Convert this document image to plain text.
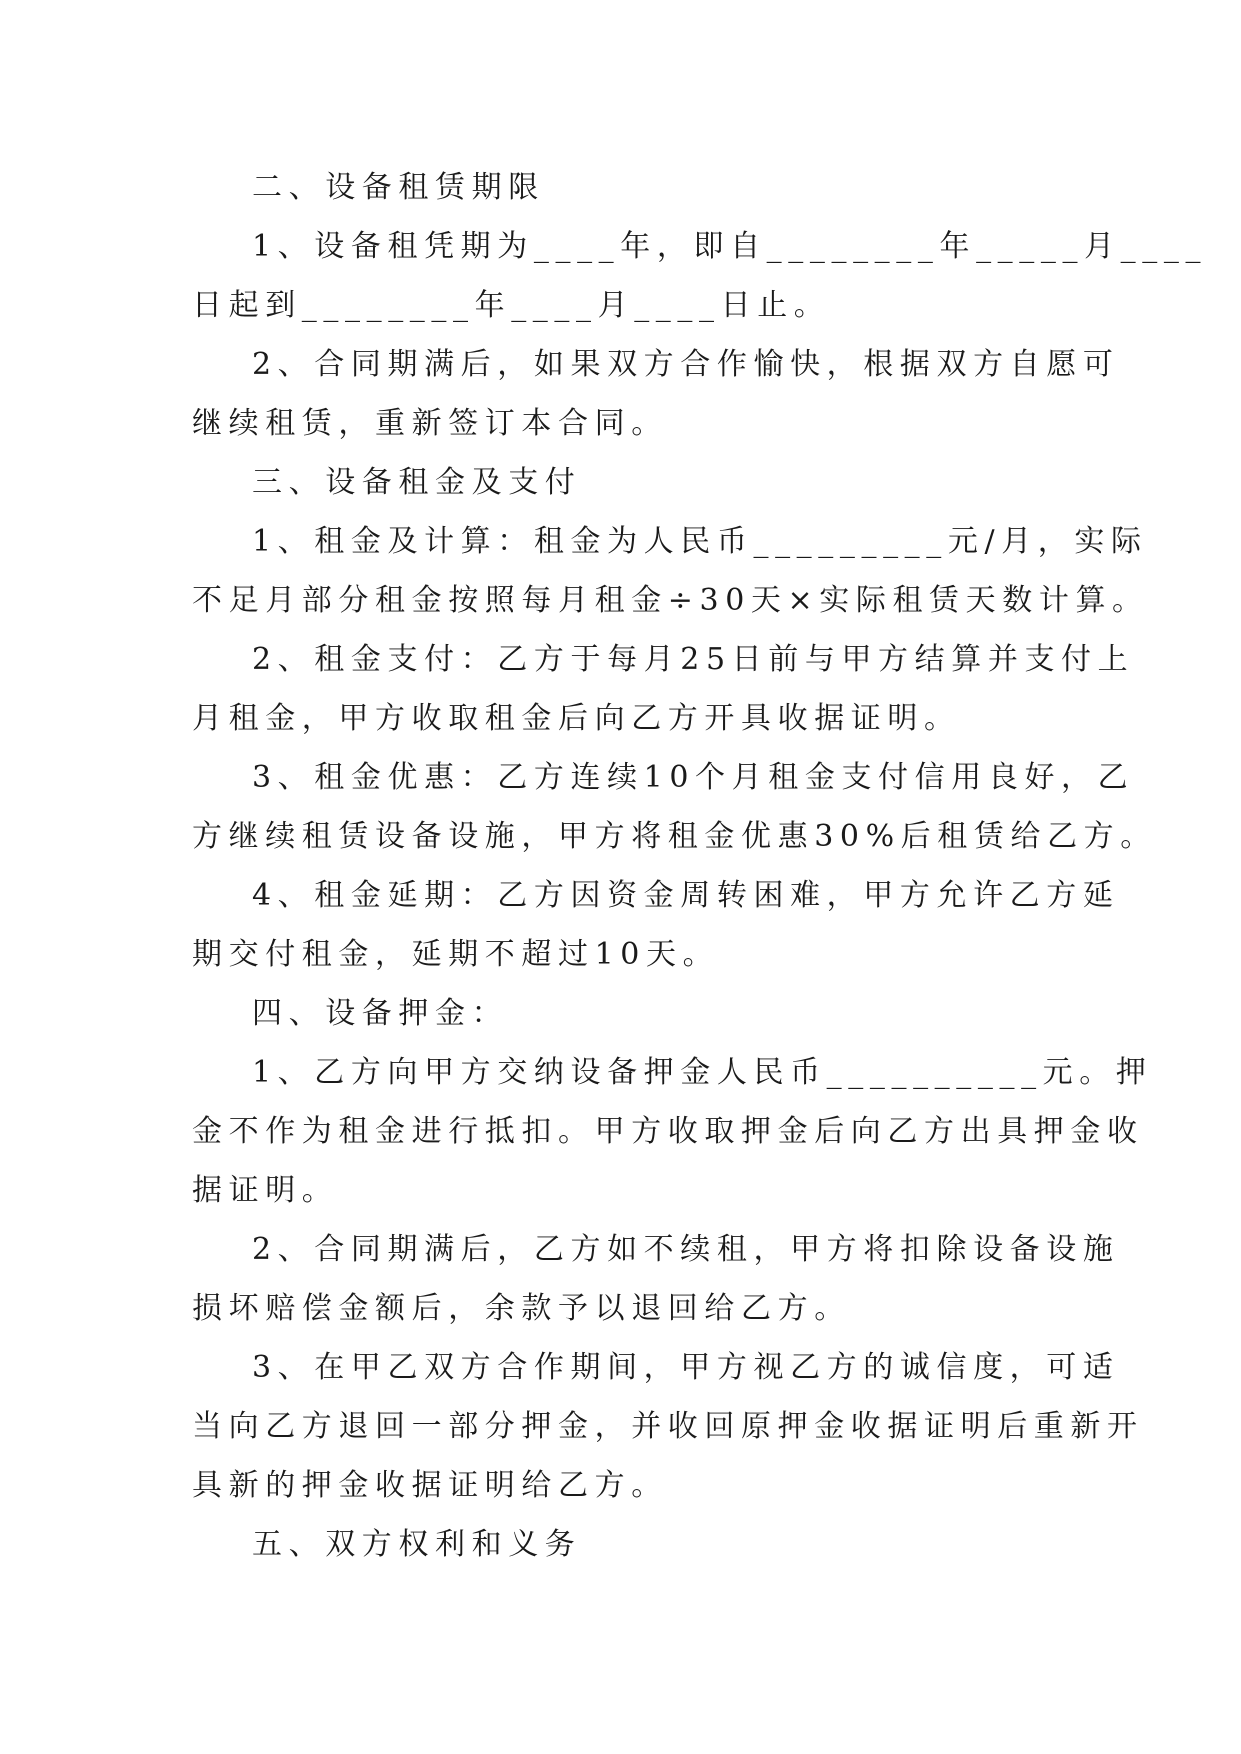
二、设备租赁期限
1、设备租凭期为____年，即自________年_____月____
日起到________年____月____日止。
2、合同期满后，如果双方合作愉快，根据双方自愿可
继续租赁，重新签订本合同。
三、设备租金及支付
1、租金及计算：租金为人民币_________元/月，实际
不足月部分租金按照每月租金÷30天×实际租赁天数计算。
2、租金支付：乙方于每月25日前与甲方结算并支付上
月租金，甲方收取租金后向乙方开具收据证明。
3、租金优惠：乙方连续10个月租金支付信用良好，乙
方继续租赁设备设施，甲方将租金优惠30%后租赁给乙方。
4、租金延期：乙方因资金周转困难，甲方允许乙方延
期交付租金，延期不超过10天。
四、设备押金：
1、乙方向甲方交纳设备押金人民币__________元。押
金不作为租金进行抵扣。甲方收取押金后向乙方出具押金收
据证明。
2、合同期满后，乙方如不续租，甲方将扣除设备设施
损坏赔偿金额后，余款予以退回给乙方。
3、在甲乙双方合作期间，甲方视乙方的诚信度，可适
当向乙方退回一部分押金，并收回原押金收据证明后重新开
具新的押金收据证明给乙方。
五、双方权利和义务
